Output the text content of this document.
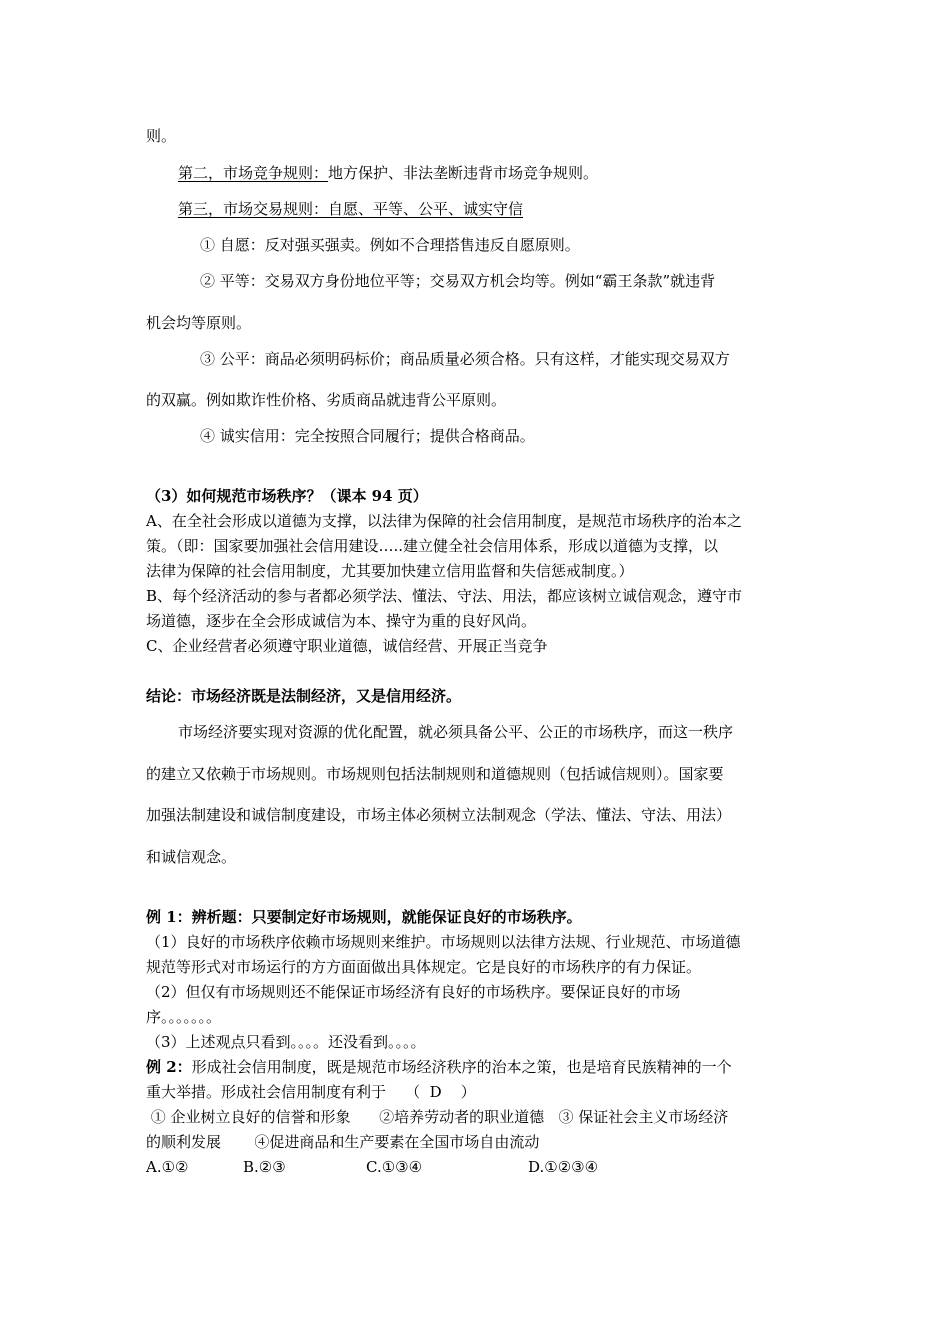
则。
第二，市场竞争规则：地方保护、非法垄断违背市场竞争规则。
第三，市场交易规则：自愿、平等、公平、诚实守信
① 自愿：反对强买强卖。例如不合理搭售违反自愿原则。
② 平等：交易双方身份地位平等；交易双方机会均等。例如“霸王条款”就违背
机会均等原则。
③ 公平：商品必须明码标价；商品质量必须合格。只有这样，才能实现交易双方
的双赢。例如欺诈性价格、劣质商品就违背公平原则。
④ 诚实信用：完全按照合同履行；提供合格商品。
（3）如何规范市场秩序？（课本 94 页）
A、在全社会形成以道德为支撑，以法律为保障的社会信用制度，是规范市场秩序的治本之
策。（即：国家要加强社会信用建设…..建立健全社会信用体系，形成以道德为支撑，以
法律为保障的社会信用制度，尤其要加快建立信用监督和失信惩戒制度。）
B、每个经济活动的参与者都必须学法、懂法、守法、用法，都应该树立诚信观念，遵守市
场道德，逐步在全会形成诚信为本、操守为重的良好风尚。
C、企业经营者必须遵守职业道德，诚信经营、开展正当竞争
结论：市场经济既是法制经济，又是信用经济。
市场经济要实现对资源的优化配置，就必须具备公平、公正的市场秩序，而这一秩序
的建立又依赖于市场规则。市场规则包括法制规则和道德规则（包括诚信规则）。国家要
加强法制建设和诚信制度建设，市场主体必须树立法制观念（学法、懂法、守法、用法）
和诚信观念。
例 1：辨析题：只要制定好市场规则，就能保证良好的市场秩序。
（1）良好的市场秩序依赖市场规则来维护。市场规则以法律方法规、行业规范、市场道德
规范等形式对市场运行的方方面面做出具体规定。它是良好的市场秩序的有力保证。
（2）但仅有市场规则还不能保证市场经济有良好的市场秩序。要保证良好的市场
序。。。。。。。
（3）上述观点只看到。。。。还没看到。。。。
例 2：形成社会信用制度，既是规范市场经济秩序的治本之策，也是培育民族精神的一个
重大举措。形成社会信用制度有利于    （  D    ）
① 企业树立良好的信誉和形象      ②培养劳动者的职业道德   ③ 保证社会主义市场经济
的顺利发展       ④促进商品和生产要素在全国市场自由流动
A.①②	B.②③	C.①③④	D.①②③④
